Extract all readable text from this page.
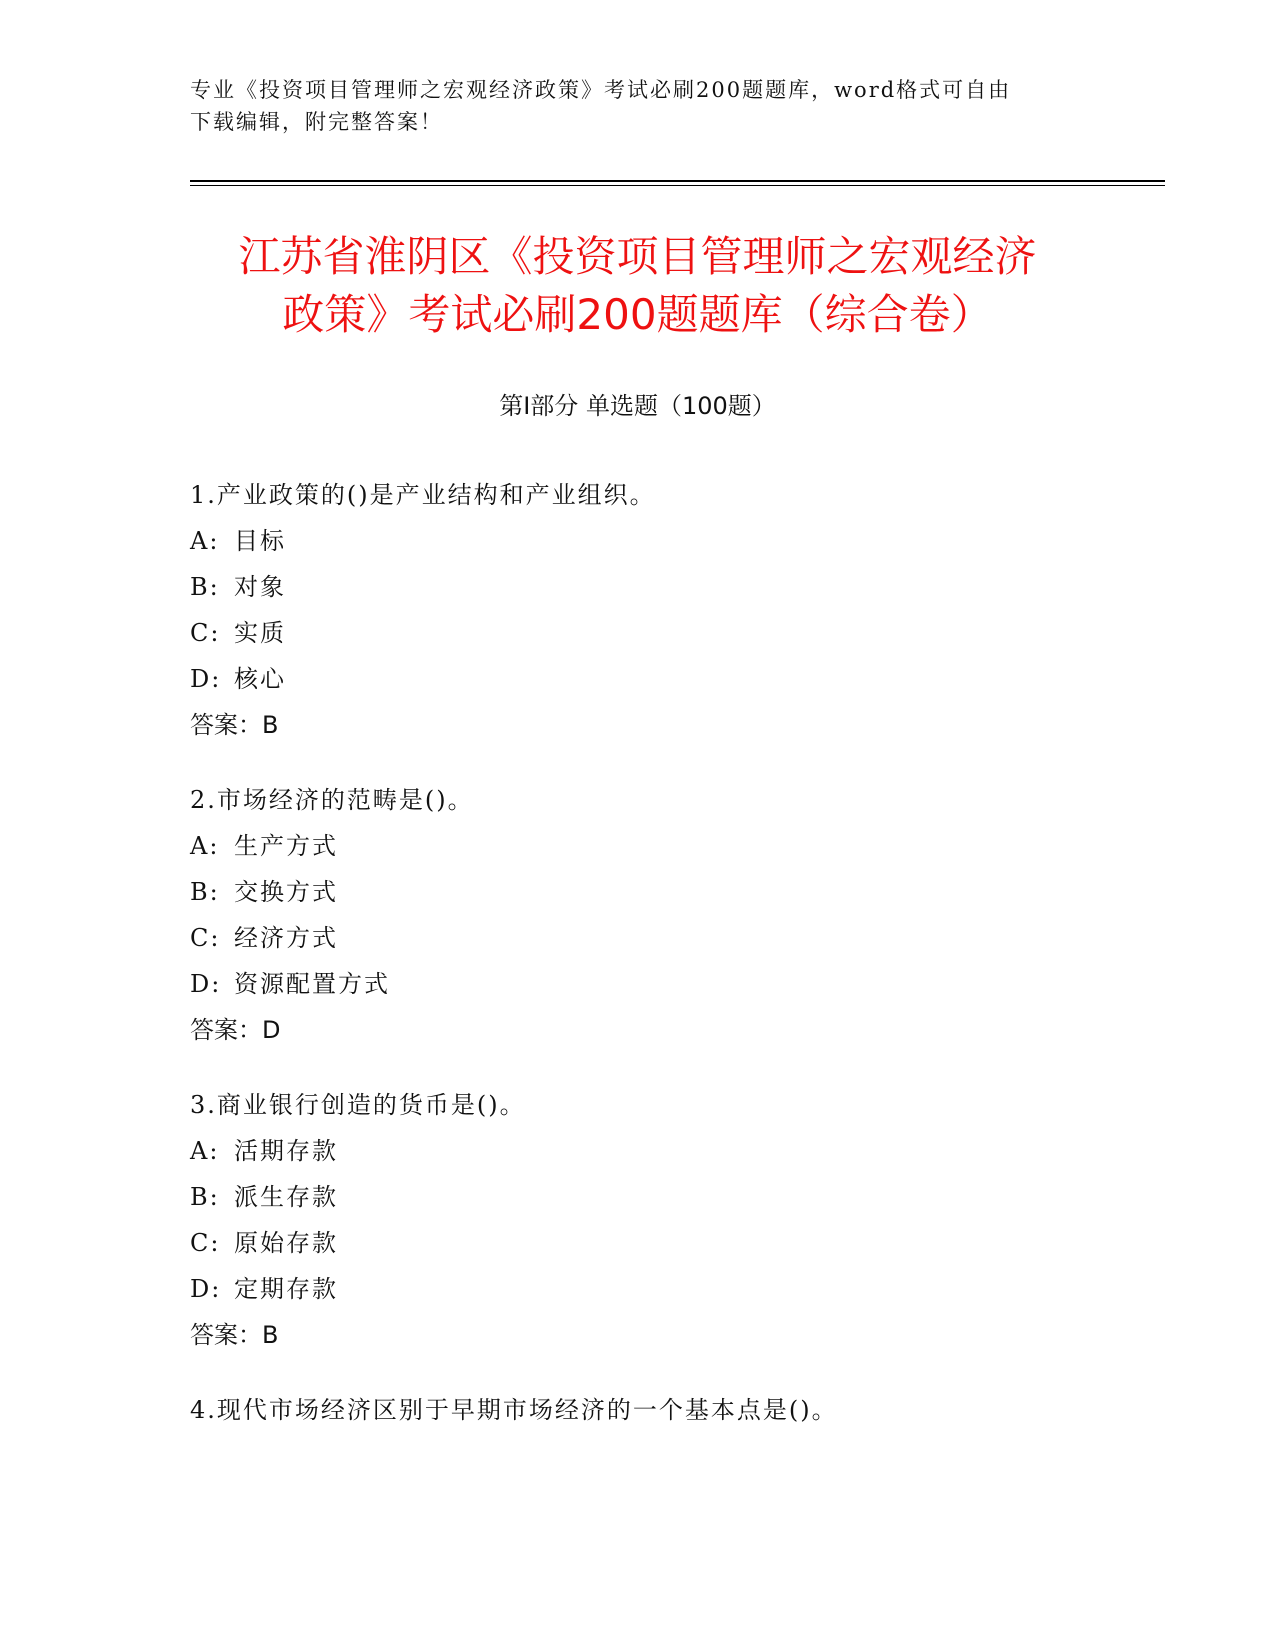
专业《投资项目管理师之宏观经济政策》考试必刷200题题库，word格式可自由
下载编辑，附完整答案！
江苏省淮阴区《投资项目管理师之宏观经济
政策》考试必刷200题题库（综合卷）
第Ⅰ部分 单选题（100题）
1.产业政策的()是产业结构和产业组织。
A: 目标
B: 对象
C: 实质
D: 核心
答案：B
2.市场经济的范畴是()。
A: 生产方式
B: 交换方式
C: 经济方式
D: 资源配置方式
答案：D
3.商业银行创造的货币是()。
A: 活期存款
B: 派生存款
C: 原始存款
D: 定期存款
答案：B
4.现代市场经济区别于早期市场经济的一个基本点是()。
